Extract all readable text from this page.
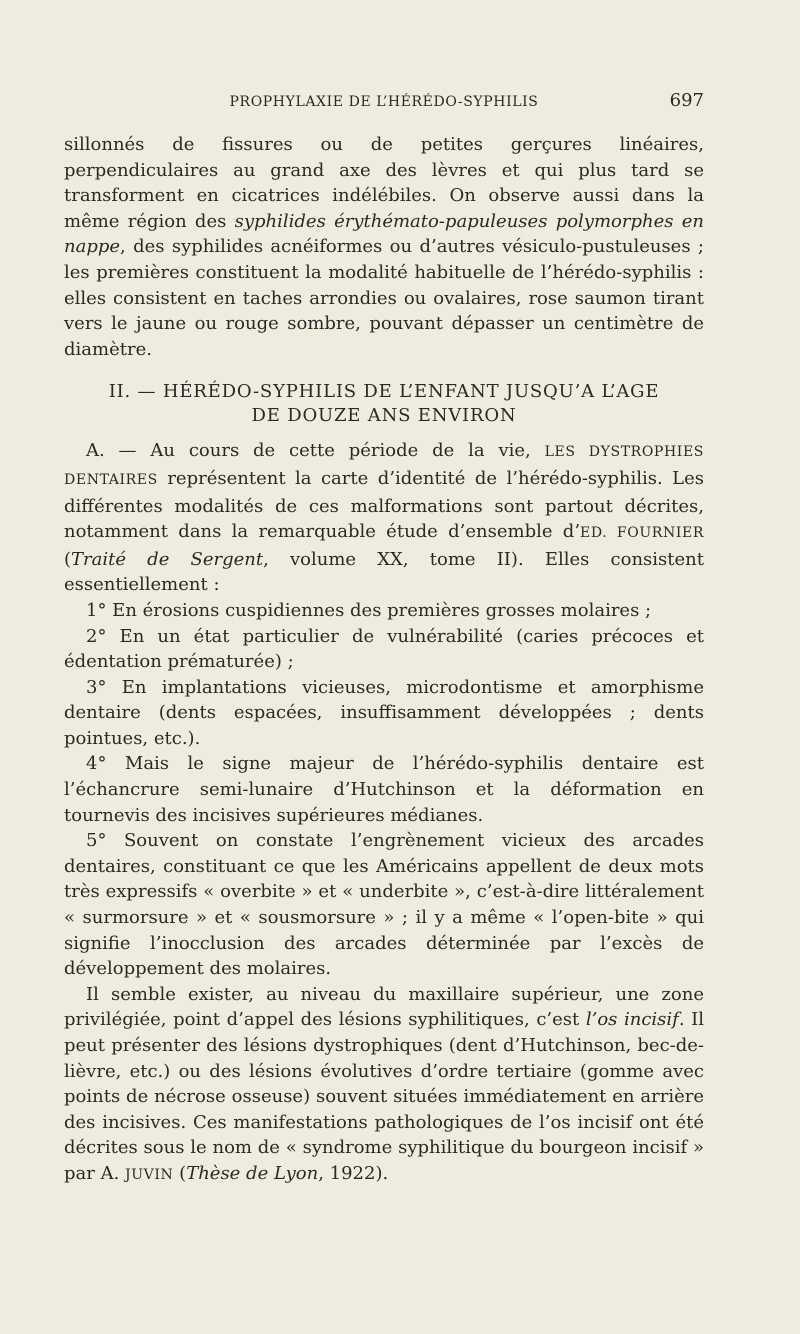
PROPHYLAXIE DE L’HÉRÉDO-SYPHILIS	697

sillonnés de fissures ou de petites gerçures linéaires, perpendiculaires au grand axe des lèvres et qui plus tard se transforment en cicatrices indélébiles. On observe aussi dans la même région des syphilides érythémato-papuleuses polymorphes en nappe, des syphilides acnéiformes ou d’autres vésiculo-pustuleuses ; les premières constituent la modalité habituelle de l’hérédo-syphilis : elles consistent en taches arrondies ou ovalaires, rose saumon tirant vers le jaune ou rouge sombre, pouvant dépasser un centimètre de diamètre.

II. — HÉRÉDO-SYPHILIS DE L’ENFANT JUSQU’A L’AGE
DE DOUZE ANS ENVIRON

A. — Au cours de cette période de la vie, LES DYSTROPHIES DENTAIRES représentent la carte d’identité de l’hérédo-syphilis. Les différentes modalités de ces malformations sont partout décrites, notamment dans la remarquable étude d’ensemble d’ED. FOURNIER (Traité de Sergent, volume XX, tome II). Elles consistent essentiellement :

1° En érosions cuspidiennes des premières grosses molaires ;

2° En un état particulier de vulnérabilité (caries précoces et édentation prématurée) ;

3° En implantations vicieuses, microdontisme et amorphisme dentaire (dents espacées, insuffisamment développées ; dents pointues, etc.).

4° Mais le signe majeur de l’hérédo-syphilis dentaire est l’échancrure semi-lunaire d’Hutchinson et la déformation en tournevis des incisives supérieures médianes.

5° Souvent on constate l’engrènement vicieux des arcades dentaires, constituant ce que les Américains appellent de deux mots très expressifs « overbite » et « underbite », c’est-à-dire littéralement « surmorsure » et « sousmorsure » ; il y a même « l’open-bite » qui signifie l’inocclusion des arcades déterminée par l’excès de développement des molaires.

Il semble exister, au niveau du maxillaire supérieur, une zone privilégiée, point d’appel des lésions syphilitiques, c’est l’os incisif. Il peut présenter des lésions dystrophiques (dent d’Hutchinson, bec-de-lièvre, etc.) ou des lésions évolutives d’ordre tertiaire (gomme avec points de nécrose osseuse) souvent situées immédiatement en arrière des incisives. Ces manifestations pathologiques de l’os incisif ont été décrites sous le nom de « syndrome syphilitique du bourgeon incisif » par A. JUVIN (Thèse de Lyon, 1922).
